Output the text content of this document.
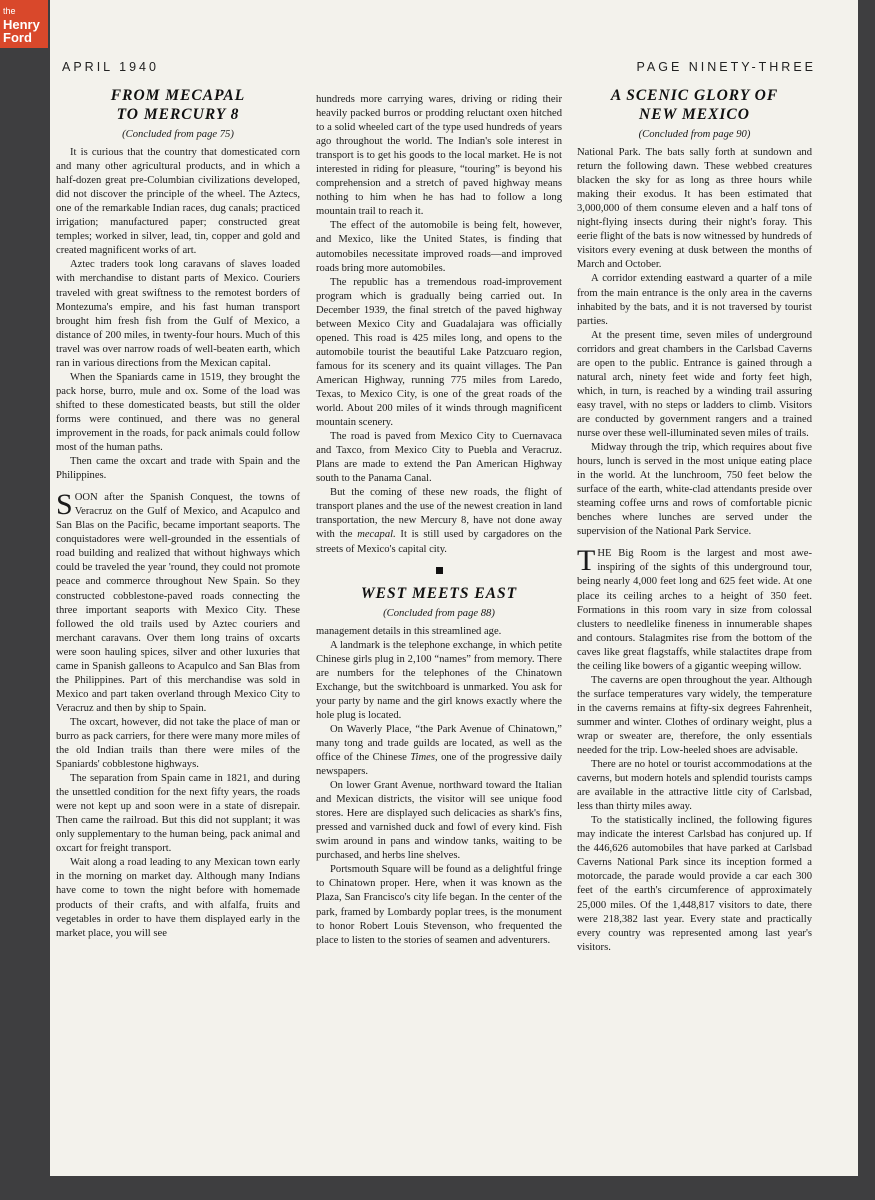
the
Henry
Ford
APRIL 1940	PAGE NINETY-THREE
FROM MECAPAL
TO MERCURY 8
(Concluded from page 75)

It is curious that the country that domesticated corn and many other agricultural products, and in which a half-dozen great pre-Columbian civilizations developed, did not discover the principle of the wheel. The Aztecs, one of the remarkable Indian races, dug canals; practiced irrigation; manufactured paper; constructed great temples; worked in silver, lead, tin, copper and gold and created magnificent works of art.

Aztec traders took long caravans of slaves loaded with merchandise to distant parts of Mexico. Couriers traveled with great swiftness to the remotest borders of Montezuma's empire, and his fast human transport brought him fresh fish from the Gulf of Mexico, a distance of 200 miles, in twenty-four hours. Much of this travel was over narrow roads of well-beaten earth, which ran in various directions from the Mexican capital.

When the Spaniards came in 1519, they brought the pack horse, burro, mule and ox. Some of the load was shifted to these domesticated beasts, but still the older forms were continued, and there was no general improvement in the roads, for pack animals could follow most of the human paths.

Then came the oxcart and trade with Spain and the Philippines.

SOON after the Spanish Conquest, the towns of Veracruz on the Gulf of Mexico, and Acapulco and San Blas on the Pacific, became important seaports. The conquistadores were well-grounded in the essentials of road building and realized that without highways which could be traveled the year 'round, they could not promote peace and commerce throughout New Spain. So they constructed cobblestone-paved roads connecting the three important seaports with Mexico City. These followed the old trails used by Aztec couriers and merchant caravans. Over them long trains of oxcarts were soon hauling spices, silver and other luxuries that came in Spanish galleons to Acapulco and San Blas from the Philippines. Part of this merchandise was sold in Mexico and part taken overland through Mexico City to Veracruz and then by ship to Spain.

The oxcart, however, did not take the place of man or burro as pack carriers, for there were many more miles of the old Indian trails than there were miles of the Spaniards' cobblestone highways.

The separation from Spain came in 1821, and during the unsettled condition for the next fifty years, the roads were not kept up and soon were in a state of disrepair. Then came the railroad. But this did not supplant; it was only supplementary to the human being, pack animal and oxcart for freight transport.

Wait along a road leading to any Mexican town early in the morning on market day. Although many Indians have come to town the night before with homemade products of their crafts, and with alfalfa, fruits and vegetables in order to have them displayed early in the market place, you will see

hundreds more carrying wares, driving or riding their heavily packed burros or prodding reluctant oxen hitched to a solid wheeled cart of the type used hundreds of years ago throughout the world. The Indian's sole interest in transport is to get his goods to the local market. He is not interested in riding for pleasure, “touring” is beyond his comprehension and a stretch of paved highway means nothing to him when he has had to follow a long mountain trail to reach it.

The effect of the automobile is being felt, however, and Mexico, like the United States, is finding that automobiles necessitate improved roads—and improved roads bring more automobiles.

The republic has a tremendous road-improvement program which is gradually being carried out. In December 1939, the final stretch of the paved highway between Mexico City and Guadalajara was officially opened. This road is 425 miles long, and opens to the automobile tourist the beautiful Lake Patzcuaro region, famous for its scenery and its quaint villages. The Pan American Highway, running 775 miles from Laredo, Texas, to Mexico City, is one of the great roads of the world. About 200 miles of it winds through magnificent mountain scenery.

The road is paved from Mexico City to Cuernavaca and Taxco, from Mexico City to Puebla and Veracruz. Plans are made to extend the Pan American Highway south to the Panama Canal.

But the coming of these new roads, the flight of transport planes and the use of the newest creation in land transportation, the new Mercury 8, have not done away with the mecapal. It is still used by cargadores on the streets of Mexico's capital city.

WEST MEETS EAST
(Concluded from page 88)

management details in this streamlined age.

A landmark is the telephone exchange, in which petite Chinese girls plug in 2,100 “names” from memory. There are numbers for the telephones of the Chinatown Exchange, but the switchboard is unmarked. You ask for your party by name and the girl knows exactly where the hole plug is located.

On Waverly Place, “the Park Avenue of Chinatown,” many tong and trade guilds are located, as well as the office of the Chinese Times, one of the progressive daily newspapers.

On lower Grant Avenue, northward toward the Italian and Mexican districts, the visitor will see unique food stores. Here are displayed such delicacies as shark's fins, pressed and varnished duck and fowl of every kind. Fish swim around in pans and window tanks, waiting to be purchased, and herbs line shelves.

Portsmouth Square will be found as a delightful fringe to Chinatown proper. Here, when it was known as the Plaza, San Francisco's city life began. In the center of the park, framed by Lombardy poplar trees, is the monument to honor Robert Louis Stevenson, who frequented the place to listen to the stories of seamen and adventurers.

A SCENIC GLORY OF
NEW MEXICO
(Concluded from page 90)

National Park. The bats sally forth at sundown and return the following dawn. These webbed creatures blacken the sky for as long as three hours while making their exodus. It has been estimated that 3,000,000 of them consume eleven and a half tons of night-flying insects during their night's foray. This eerie flight of the bats is now witnessed by hundreds of visitors every evening at dusk between the months of March and October.

A corridor extending eastward a quarter of a mile from the main entrance is the only area in the caverns inhabited by the bats, and it is not traversed by tourist parties.

At the present time, seven miles of underground corridors and great chambers in the Carlsbad Caverns are open to the public. Entrance is gained through a natural arch, ninety feet wide and forty feet high, which, in turn, is reached by a winding trail assuring easy travel, with no steps or ladders to climb. Visitors are conducted by government rangers and a trained nurse over these well-illuminated seven miles of trails.

Midway through the trip, which requires about five hours, lunch is served in the most unique eating place in the world. At the lunchroom, 750 feet below the surface of the earth, white-clad attendants preside over steaming coffee urns and rows of comfortable picnic benches where lunches are served under the supervision of the National Park Service.

THE Big Room is the largest and most awe-inspiring of the sights of this underground tour, being nearly 4,000 feet long and 625 feet wide. At one place its ceiling arches to a height of 350 feet. Formations in this room vary in size from colossal clusters to needlelike fineness in innumerable shapes and contours. Stalagmites rise from the bottom of the caves like great flagstaffs, while stalactites drape from the ceiling like bowers of a gigantic weeping willow.

The caverns are open throughout the year. Although the surface temperatures vary widely, the temperature in the caverns remains at fifty-six degrees Fahrenheit, summer and winter. Clothes of ordinary weight, plus a wrap or sweater are, therefore, the only essentials needed for the trip. Low-heeled shoes are advisable.

There are no hotel or tourist accommodations at the caverns, but modern hotels and splendid tourists camps are available in the attractive little city of Carlsbad, less than thirty miles away.

To the statistically inclined, the following figures may indicate the interest Carlsbad has conjured up. If the 446,626 automobiles that have parked at Carlsbad Caverns National Park since its inception formed a motorcade, the parade would provide a car each 300 feet of the earth's circumference of approximately 25,000 miles. Of the 1,448,817 visitors to date, there were 218,382 last year. Every state and practically every country was represented among last year's visitors.
